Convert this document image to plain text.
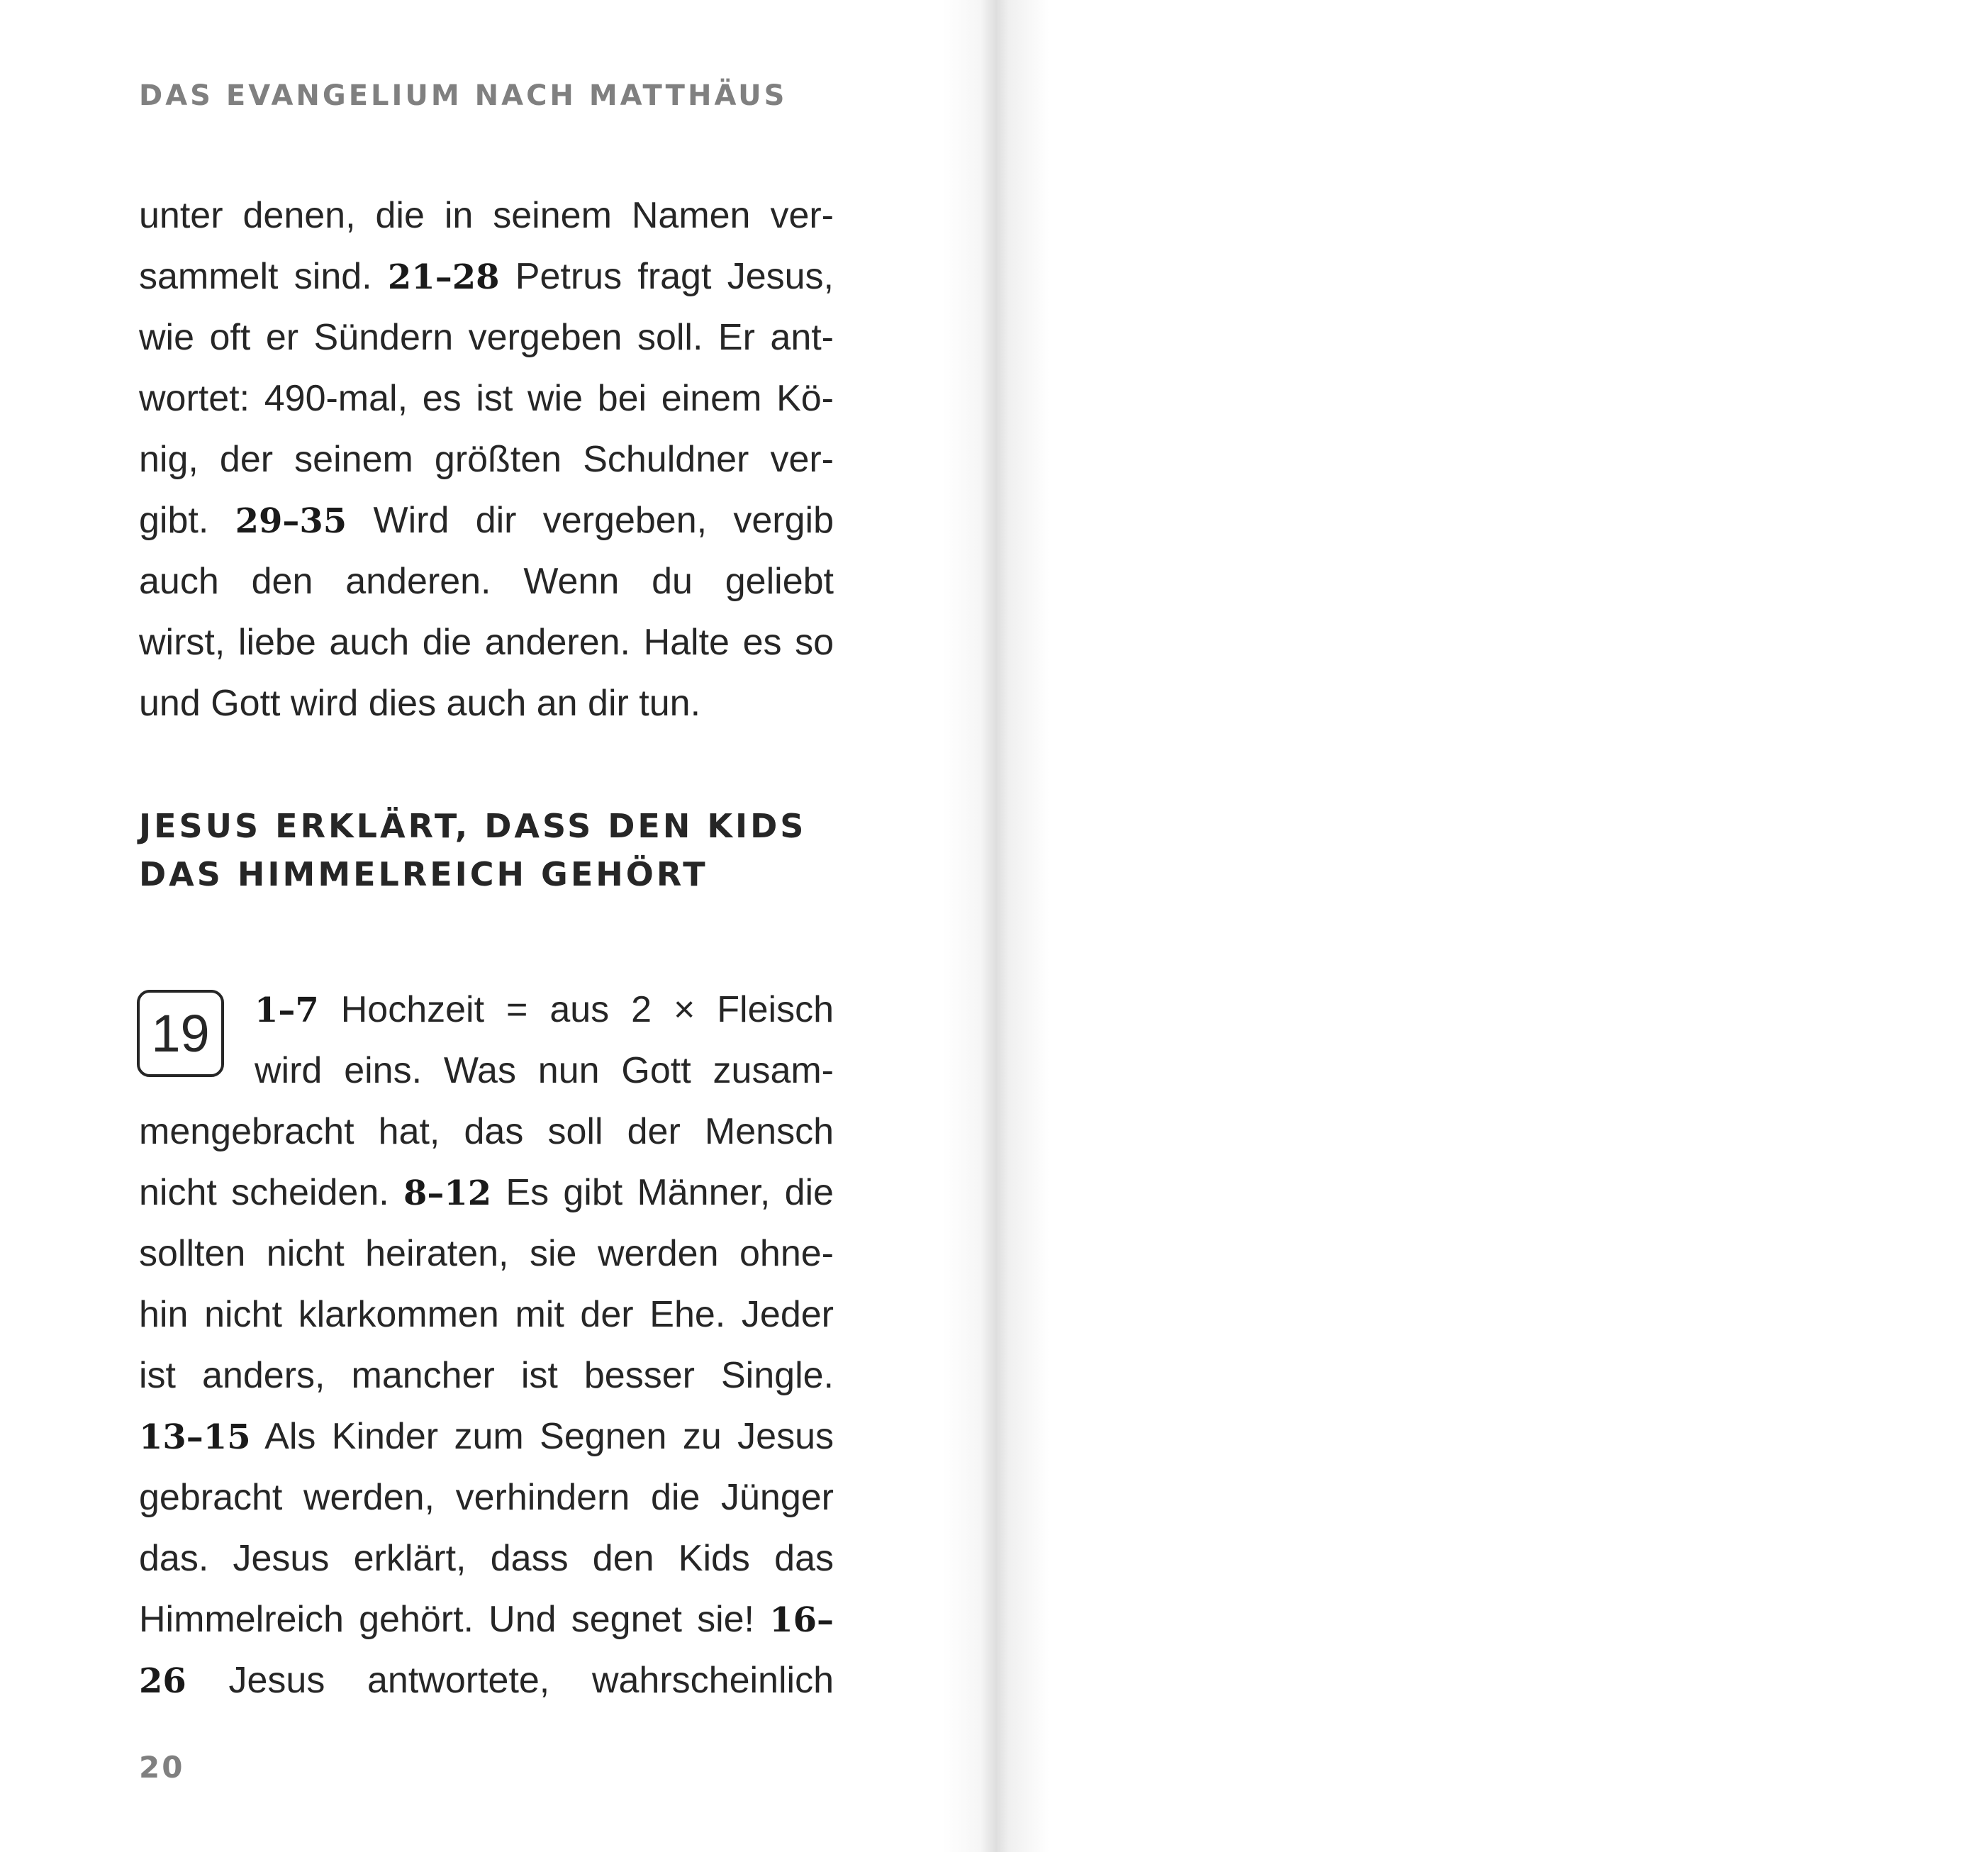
DAS EVANGELIUM NACH MATTHÄUS
unter denen, die in seinem Namen ver-
sammelt sind. 21–28 Petrus fragt Jesus,
wie oft er Sündern vergeben soll. Er ant-
wortet: 490-mal, es ist wie bei einem Kö-
nig, der seinem größten Schuldner ver-
gibt. 29–35 Wird dir vergeben, vergib
auch den anderen. Wenn du geliebt
wirst, liebe auch die anderen. Halte es so
und Gott wird dies auch an dir tun.
JESUS ERKLÄRT, DASS DEN KIDS
DAS HIMMELREICH GEHÖRT
19	1–7 Hochzeit = aus 2 × Fleisch
wird eins. Was nun Gott zusam-
mengebracht hat, das soll der Mensch
nicht scheiden. 8–12 Es gibt Männer, die
sollten nicht heiraten, sie werden ohne-
hin nicht klarkommen mit der Ehe. Jeder
ist anders, mancher ist besser Single.
13–15 Als Kinder zum Segnen zu Jesus
gebracht werden, verhindern die Jünger
das. Jesus erklärt, dass den Kids das
Himmelreich gehört. Und segnet sie! 16–
26 Jesus antwortete, wahrscheinlich
20
